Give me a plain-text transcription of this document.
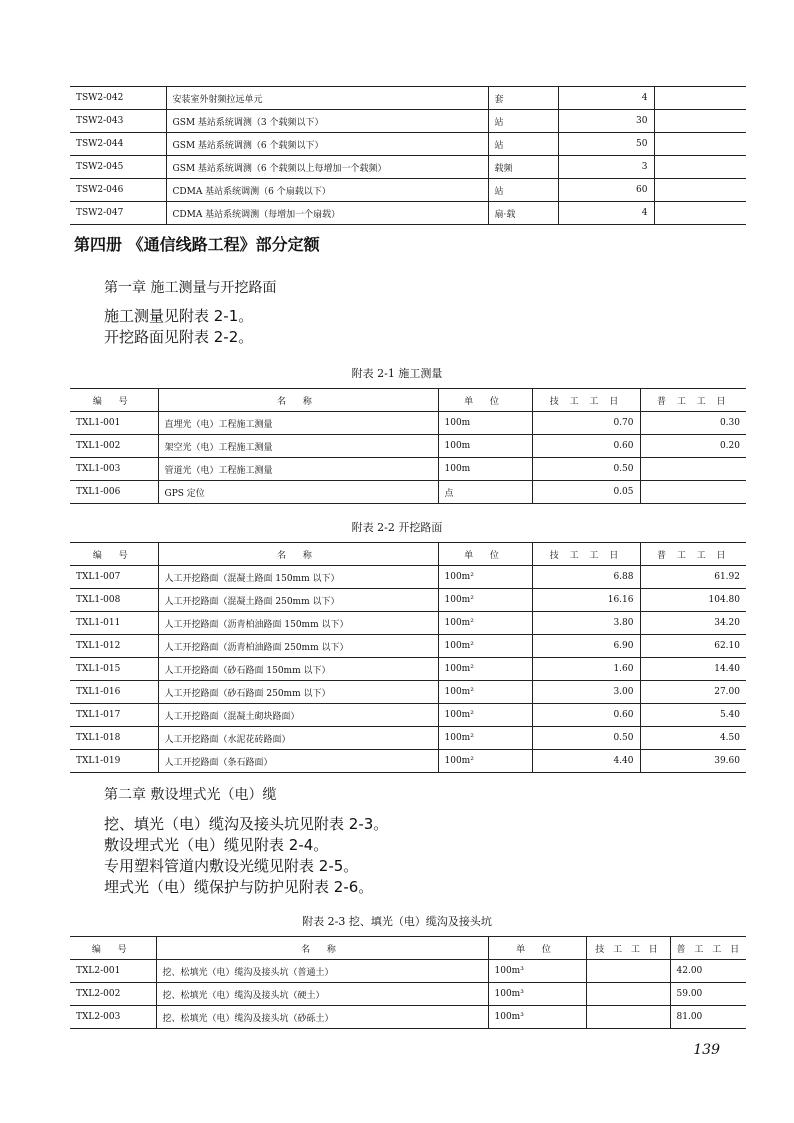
TSW2-042	安装室外射频拉远单元	套	4	
TSW2-043	GSM 基站系统调测（3 个载频以下）	站	30	
TSW2-044	GSM 基站系统调测（6 个载频以下）	站	50	
TSW2-045	GSM 基站系统调测（6 个载频以上每增加一个载频）	载频	3	
TSW2-046	CDMA 基站系统调测（6 个扇载以下）	站	60	
TSW2-047	CDMA 基站系统调测（每增加一个扇载）	扇·载	4	
第四册 《通信线路工程》部分定额
第一章 施工测量与开挖路面
施工测量见附表 2-1。
开挖路面见附表 2-2。
附表 2-1 施工测量
编 号	名 称	单 位	技 工 工 日	普 工 工 日
TXL1-001	直埋光（电）工程施工测量	100m	0.70	0.30
TXL1-002	架空光（电）工程施工测量	100m	0.60	0.20
TXL1-003	管道光（电）工程施工测量	100m	0.50	
TXL1-006	GPS 定位	点	0.05	
附表 2-2 开挖路面
编 号	名 称	单 位	技 工 工 日	普 工 工 日
TXL1-007	人工开挖路面（混凝土路面 150mm 以下）	100m²	6.88	61.92
TXL1-008	人工开挖路面（混凝土路面 250mm 以下）	100m²	16.16	104.80
TXL1-011	人工开挖路面（沥青柏油路面 150mm 以下）	100m²	3.80	34.20
TXL1-012	人工开挖路面（沥青柏油路面 250mm 以下）	100m²	6.90	62.10
TXL1-015	人工开挖路面（砂石路面 150mm 以下）	100m²	1.60	14.40
TXL1-016	人工开挖路面（砂石路面 250mm 以下）	100m²	3.00	27.00
TXL1-017	人工开挖路面（混凝土砌块路面）	100m²	0.60	5.40
TXL1-018	人工开挖路面（水泥花砖路面）	100m²	0.50	4.50
TXL1-019	人工开挖路面（条石路面）	100m²	4.40	39.60
第二章 敷设埋式光（电）缆
挖、填光（电）缆沟及接头坑见附表 2-3。
敷设埋式光（电）缆见附表 2-4。
专用塑料管道内敷设光缆见附表 2-5。
埋式光（电）缆保护与防护见附表 2-6。
附表 2-3 挖、填光（电）缆沟及接头坑
编 号	名 称	单 位	技 工 工 日	普 工 工 日
TXL2-001	挖、松填光（电）缆沟及接头坑（普通土）	100m³		42.00
TXL2-002	挖、松填光（电）缆沟及接头坑（硬土）	100m³		59.00
TXL2-003	挖、松填光（电）缆沟及接头坑（砂砾土）	100m³		81.00
139
